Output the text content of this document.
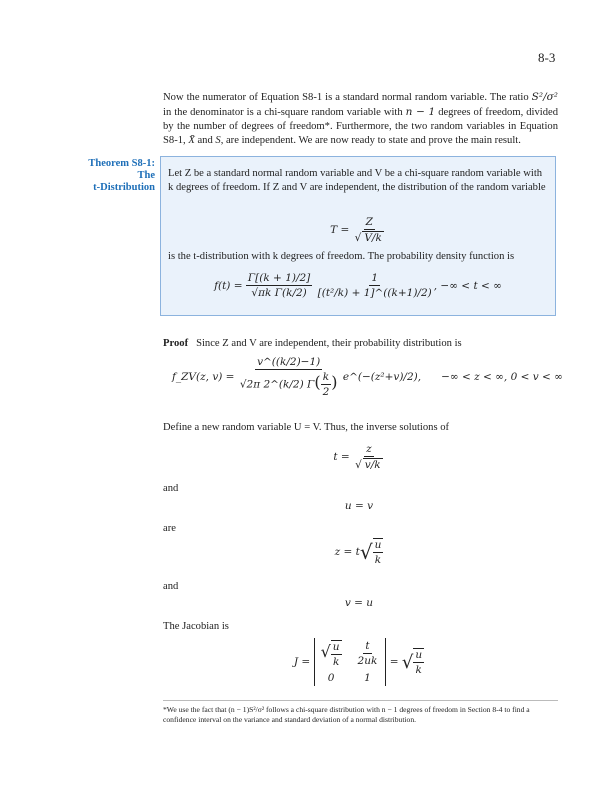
8-3
Now the numerator of Equation S8-1 is a standard normal random variable. The ratio S²/σ² in the denominator is a chi-square random variable with n − 1 degrees of freedom, divided by the number of degrees of freedom*. Furthermore, the two random variables in Equation S8-1, X̄ and S, are independent. We are now ready to state and prove the main result.
Theorem S8-1:
The
t-Distribution
Let Z be a standard normal random variable and V be a chi-square random variable with k degrees of freedom. If Z and V are independent, the distribution of the random variable
T =
$\frac{Z}{√ V/k}$
is the t-distribution with k degrees of freedom. The probability density function is
f(t) =
$\frac{\Gamma[(k + 1)/2]}{\text{√πk Γ(k/2)}}$
$\frac{1}{\text{[(t²/k) + 1]\textasciicircum{}((k+1)/2)}}$ , −∞ < t < ∞
Proof Since Z and V are independent, their probability distribution is
f_ZV(z, v) =
$\frac{v\^{}((k/2)-1)}{√2\pi 2\^{}(k/2) \Gamma( \frac{k}{2} )}$
e^(−(z²+v)/2),
−∞ < z < ∞, 0 < v < ∞
Define a new random variable U = V. Thus, the inverse solutions of
t =
$\frac{z}{√ v/k}$
and
u = v
are
z = t √ $\frac{u}{k}$
and
v = u
The Jacobian is
J =

√ $\frac{u}{k} \frac{t}{2uk}$
0	1

=
√ $\frac{u}{k}$
*We use the fact that (n − 1)S²/σ² follows a chi-square distribution with n − 1 degrees of freedom in Section 8-4 to find a confidence interval on the variance and standard deviation of a normal distribution.
